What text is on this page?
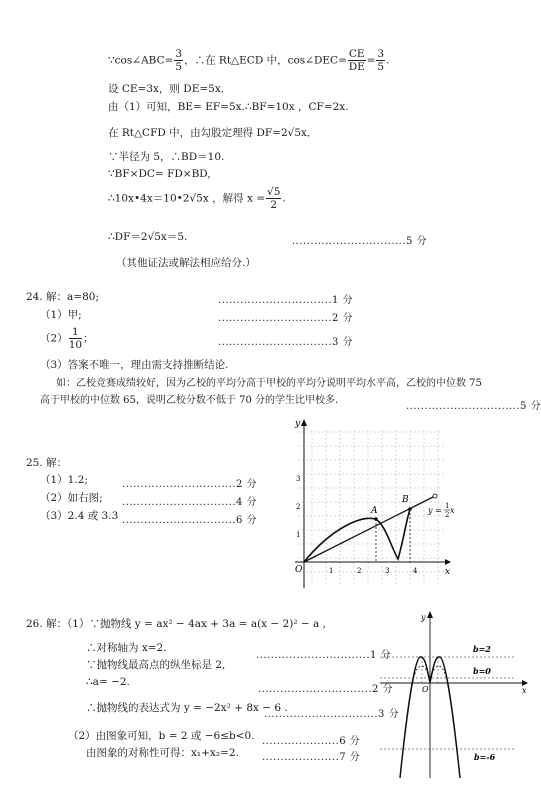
∵cos∠ABC= $\frac{3}{5}$ ，∴在 Rt△ECD 中，cos∠DEC= $\frac{CE}{DE} = \frac{3}{5}$ .
设 CE=3x，则 DE=5x．
由（1）可知，BE= EF=5x.∴BF=10x ，CF=2x.
在 Rt△CFD 中，由勾股定理得 DF=2√5x．
∵半径为 5，∴BD＝10.
∵BF×DC= FD×BD,
∴10x•4x＝10•2√5x ，解得 $x = \frac{√5}{2}$ .
∴DF＝2√5x＝5.	...............................5 分
（其他证法或解法相应给分.）
24. 解：a=80;	...............................1 分
（1）甲;	...............................2 分
$(2) \frac{1}{10}$ ；	...............................3 分
（3）答案不唯一，理由需支持推断结论.
如：乙校竞赛成绩较好，因为乙校的平均分高于甲校的平均分说明平均水平高，乙校的中位数 75
高于甲校的中位数 65，说明乙校分数不低于 70 分的学生比甲校多.
...............................5 分
25. 解：
（1）1.2;	...............................2 分
（2）如右图; ...............................4 分
（3）2.4 或 3.3 ...............................6 分
y
x
O	1	2	3	4
1
2
3
A
B
y = 1
2 x
26. 解：（1）∵抛物线 y = ax² − 4ax + 3a = a(x − 2)² − a ,
∴对称轴为 x=2.
...............................1 分
∵抛物线最高点的纵坐标是 2,
∴a= −2.
...............................2 分
∴抛物线的表达式为 y = −2x² + 8x − 6 .
...............................3 分
（2）由图象可知，b = 2 或 −6≤b<0. .....................6 分
由图象的对称性可得：x₁+x₂=2. .....................7 分
y
x
O
b=2
b=0
b=-6
